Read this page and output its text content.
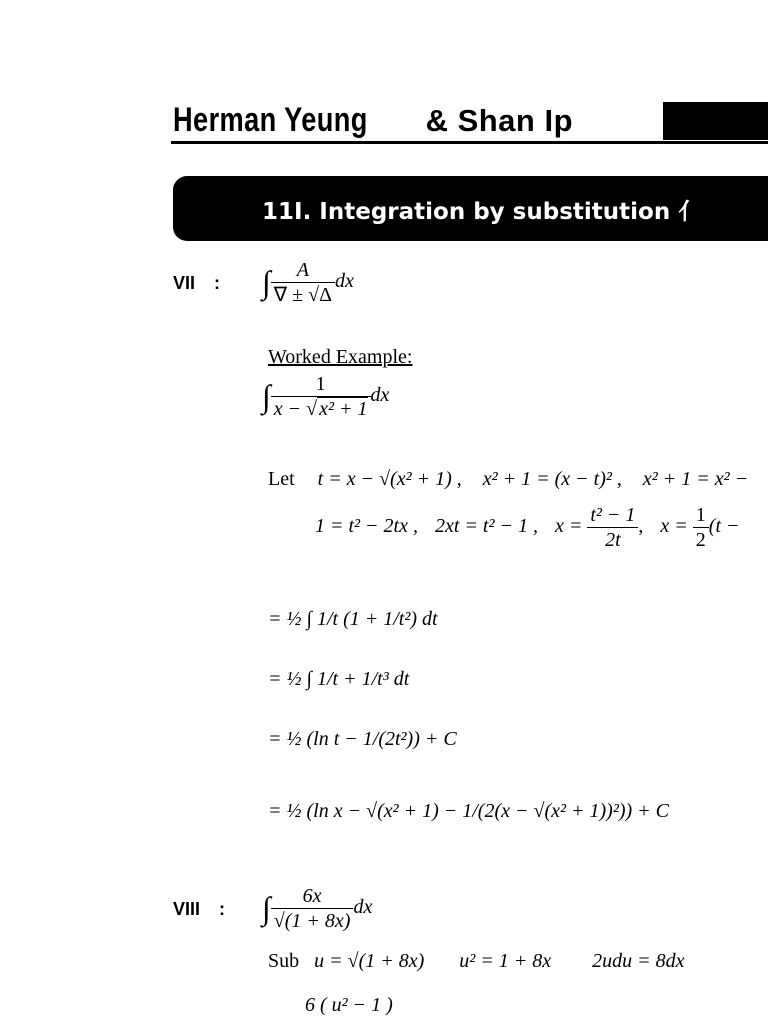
Herman Yeung & Shan Ip
11I. Integration by substitution 亻
VII : ∫ $\frac{A}{\nabla \pm √\Delta}$ dx
Worked Example:
∫ $\frac{1}{\text{x − √ x² + 1}}$ dx
Let t = x − √(x² + 1) , x² + 1 = (x − t)² , x² + 1 = x² −
1 = t² − 2tx , 2xt = t² − 1 , $x = \frac{\text{t² − 1}}{2t}$ , $x = \frac{1}{2} (t$ −
= ½ ∫ 1/t (1 + 1/t²) dt
= ½ ∫ 1/t + 1/t³ dt
= ½ (ln t − 1/(2t²)) + C
= ½ (ln x − √(x² + 1) − 1/(2(x − √(x² + 1))²)) + C
VIII : ∫ $\frac{6x}{√(1 + 8x)}$ dx
Sub u = √(1 + 8x) u² = 1 + 8x 2udu = 8dx
6 ( u² − 1 )
